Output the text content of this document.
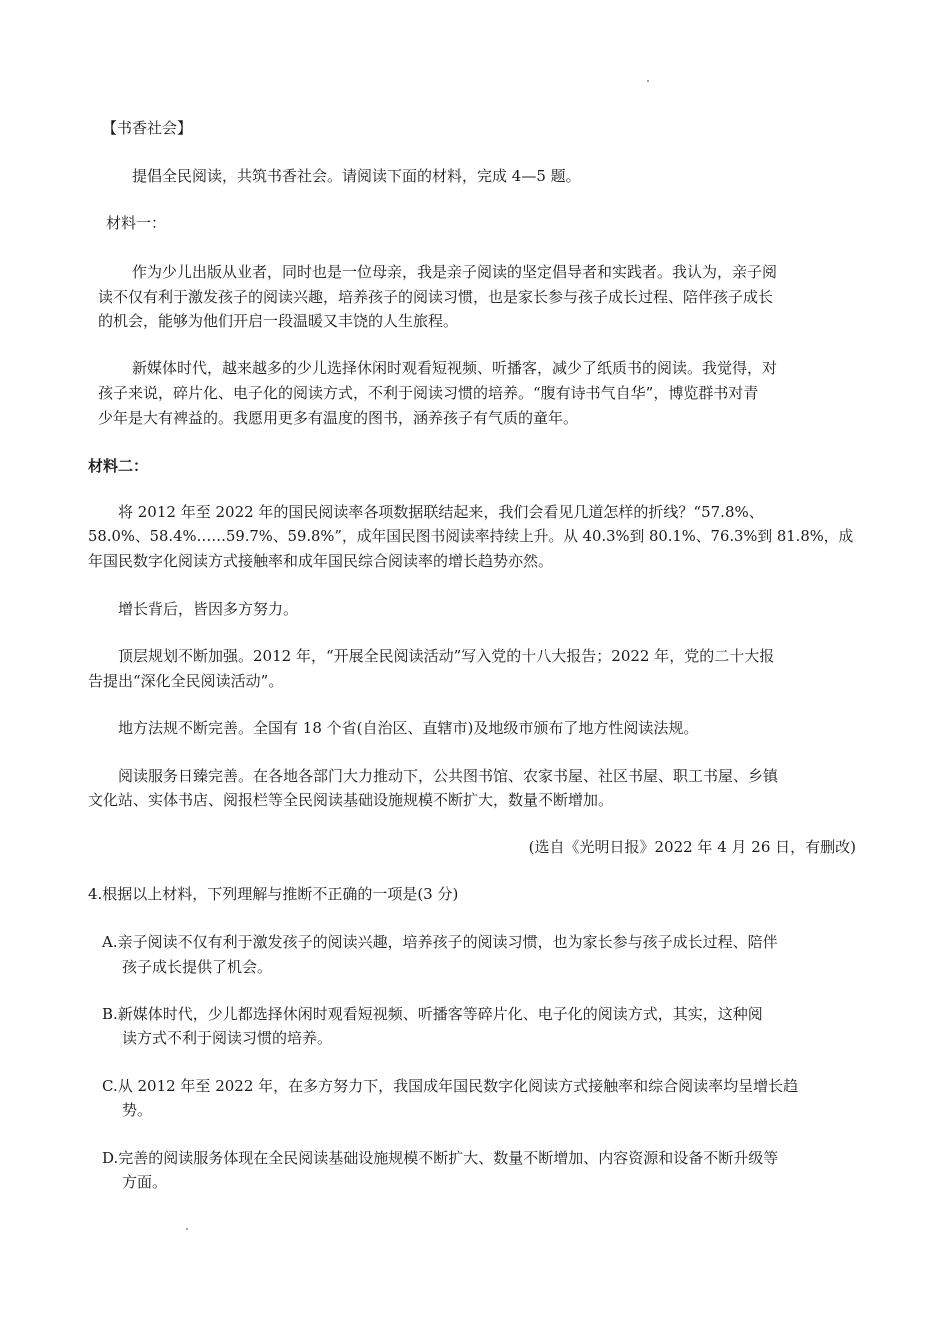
【书香社会】
提倡全民阅读，共筑书香社会。请阅读下面的材料，完成 4—5 题。
材料一：
作为少儿出版从业者，同时也是一位母亲，我是亲子阅读的坚定倡导者和实践者。我认为，亲子阅
读不仅有利于激发孩子的阅读兴趣，培养孩子的阅读习惯，也是家长参与孩子成长过程、陪伴孩子成长
的机会，能够为他们开启一段温暖又丰饶的人生旅程。
新媒体时代，越来越多的少儿选择休闲时观看短视频、听播客，减少了纸质书的阅读。我觉得，对
孩子来说，碎片化、电子化的阅读方式，不利于阅读习惯的培养。“腹有诗书气自华”，博览群书对青
少年是大有裨益的。我愿用更多有温度的图书，涵养孩子有气质的童年。
材料二：
将 2012 年至 2022 年的国民阅读率各项数据联结起来，我们会看见几道怎样的折线？“57.8%、
58.0%、58.4%……59.7%、59.8%”，成年国民图书阅读率持续上升。从 40.3%到 80.1%、76.3%到 81.8%，成
年国民数字化阅读方式接触率和成年国民综合阅读率的增长趋势亦然。
增长背后，皆因多方努力。
顶层规划不断加强。2012 年，“开展全民阅读活动”写入党的十八大报告；2022 年，党的二十大报
告提出“深化全民阅读活动”。
地方法规不断完善。全国有 18 个省(自治区、直辖市)及地级市颁布了地方性阅读法规。
阅读服务日臻完善。在各地各部门大力推动下，公共图书馆、农家书屋、社区书屋、职工书屋、乡镇
文化站、实体书店、阅报栏等全民阅读基础设施规模不断扩大，数量不断增加。
(选自《光明日报》2022 年 4 月 26 日，有删改)
4.根据以上材料，下列理解与推断不正确的一项是(3 分)
A.亲子阅读不仅有利于激发孩子的阅读兴趣，培养孩子的阅读习惯，也为家长参与孩子成长过程、陪伴
孩子成长提供了机会。
B.新媒体时代，少儿都选择休闲时观看短视频、听播客等碎片化、电子化的阅读方式，其实，这种阅
读方式不利于阅读习惯的培养。
C.从 2012 年至 2022 年，在多方努力下，我国成年国民数字化阅读方式接触率和综合阅读率均呈增长趋
势。
D.完善的阅读服务体现在全民阅读基础设施规模不断扩大、数量不断增加、内容资源和设备不断升级等
方面。
